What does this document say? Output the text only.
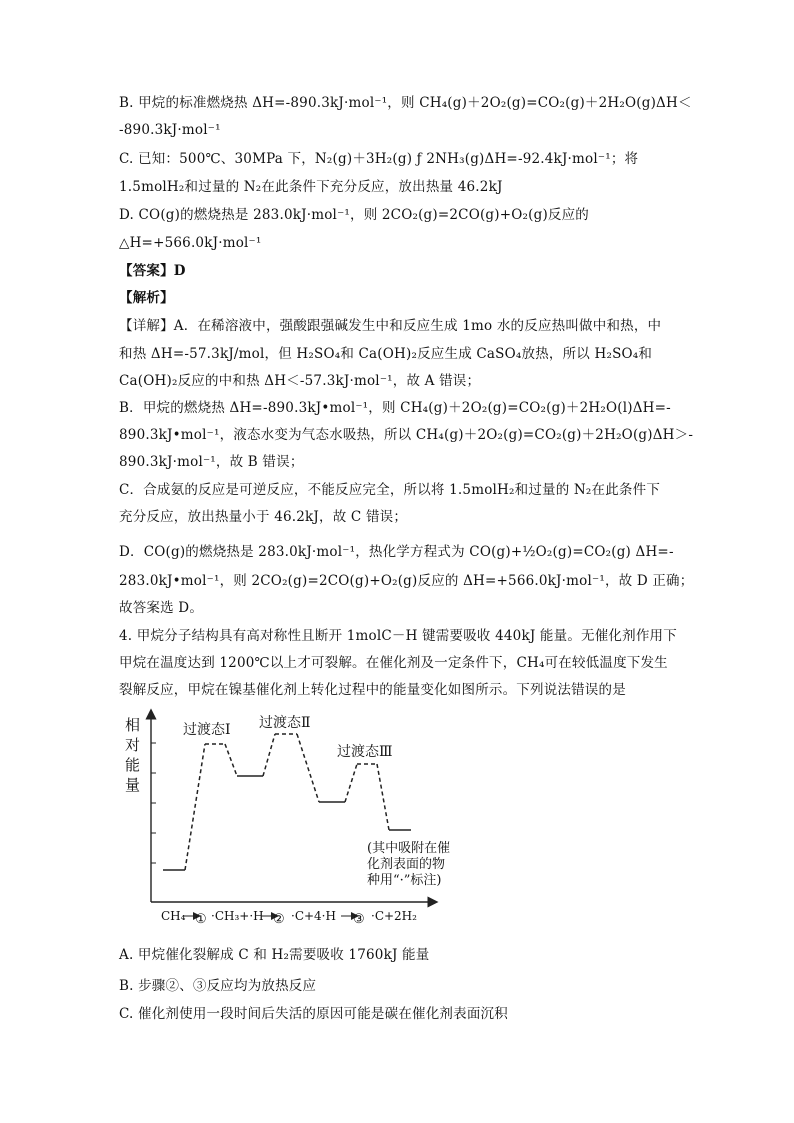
B. 甲烷的标准燃烧热 ΔH=-890.3kJ·mol⁻¹，则 CH₄(g)＋2O₂(g)=CO₂(g)＋2H₂O(g)ΔH＜
-890.3kJ·mol⁻¹
C. 已知：500℃、30MPa 下，N₂(g)＋3H₂(g) ƒ 2NH₃(g)ΔH=-92.4kJ·mol⁻¹；将
1.5molH₂和过量的 N₂在此条件下充分反应，放出热量 46.2kJ
D. CO(g)的燃烧热是 283.0kJ·mol⁻¹，则 2CO₂(g)=2CO(g)+O₂(g)反应的
△H=+566.0kJ·mol⁻¹
【答案】D
【解析】
【详解】A．在稀溶液中，强酸跟强碱发生中和反应生成 1mo 水的反应热叫做中和热，中
和热 ΔH=-57.3kJ/mol，但 H₂SO₄和 Ca(OH)₂反应生成 CaSO₄放热，所以 H₂SO₄和
Ca(OH)₂反应的中和热 ΔH＜-57.3kJ·mol⁻¹，故 A 错误；
B．甲烷的燃烧热 ΔH=-890.3kJ•mol⁻¹，则 CH₄(g)＋2O₂(g)=CO₂(g)＋2H₂O(l)ΔH=-
890.3kJ•mol⁻¹，液态水变为气态水吸热，所以 CH₄(g)＋2O₂(g)=CO₂(g)＋2H₂O(g)ΔH＞-
890.3kJ·mol⁻¹，故 B 错误；
C．合成氨的反应是可逆反应，不能反应完全，所以将 1.5molH₂和过量的 N₂在此条件下
充分反应，放出热量小于 46.2kJ，故 C 错误；
D．CO(g)的燃烧热是 283.0kJ·mol⁻¹，热化学方程式为 CO(g)+½O₂(g)=CO₂(g) ΔH=-
283.0kJ•mol⁻¹，则 2CO₂(g)=2CO(g)+O₂(g)反应的 ΔH=+566.0kJ·mol⁻¹，故 D 正确；
故答案选 D。
4. 甲烷分子结构具有高对称性且断开 1molC－H 键需要吸收 440kJ 能量。无催化剂作用下
甲烷在温度达到 1200℃以上才可裂解。在催化剂及一定条件下，CH₄可在较低温度下发生
裂解反应，甲烷在镍基催化剂上转化过程中的能量变化如图所示。下列说法错误的是
相
对
能
量
过渡态Ⅰ 过渡态Ⅱ
过渡态Ⅲ
(其中吸附在催
化剂表面的物
种用“·”标注)
CH₄ ① ·CH₃+·H ② ·C+4·H ③ ·C+2H₂
A. 甲烷催化裂解成 C 和 H₂需要吸收 1760kJ 能量
B. 步骤②、③反应均为放热反应
C. 催化剂使用一段时间后失活的原因可能是碳在催化剂表面沉积
